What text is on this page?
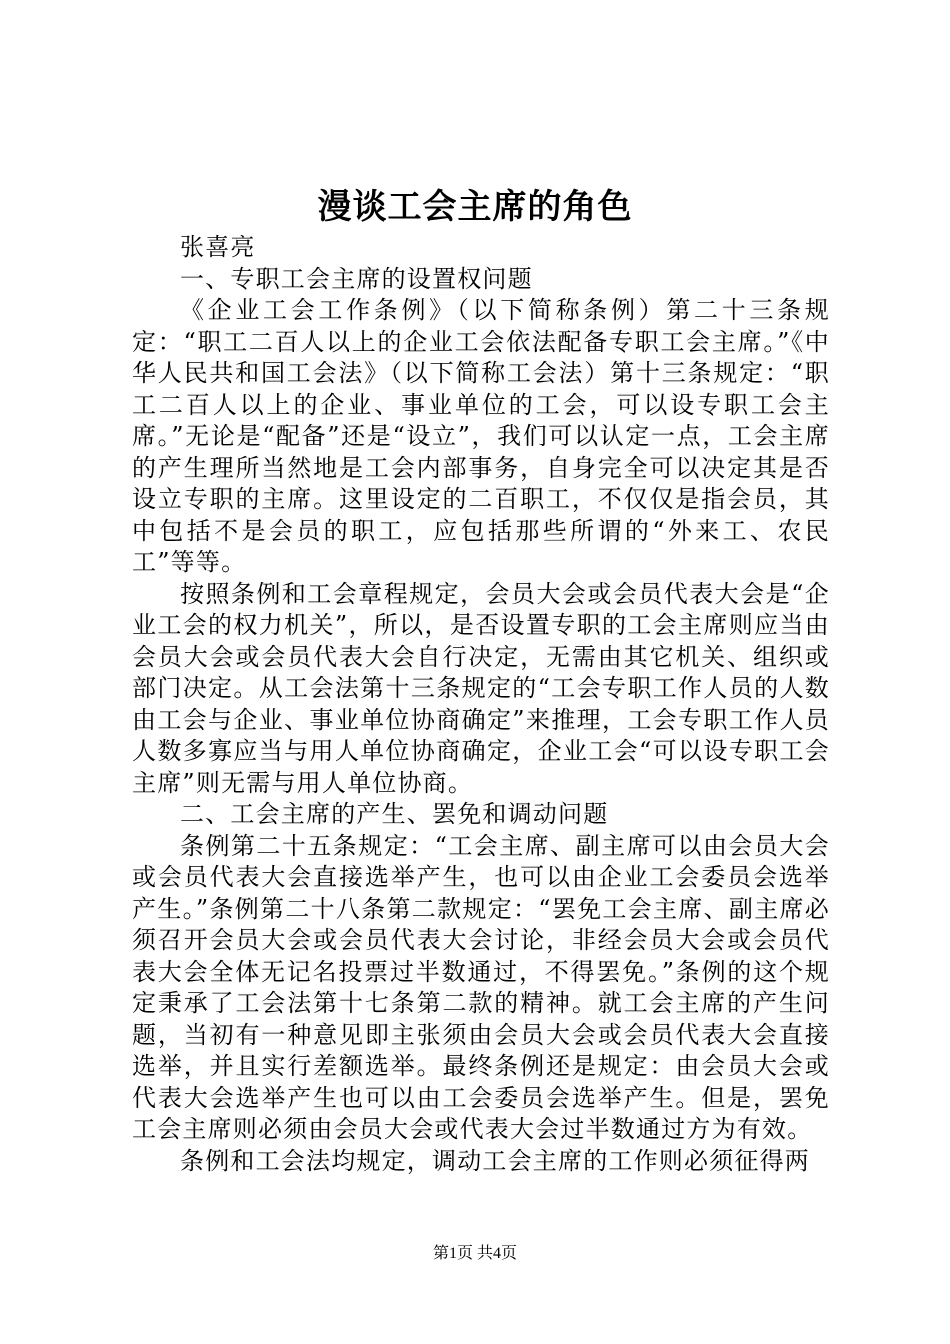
漫谈工会主席的角色

张喜亮

一、专职工会主席的设置权问题

《企业工会工作条例》（以下简称条例）第二十三条规定：“职工二百人以上的企业工会依法配备专职工会主席。”《中华人民共和国工会法》（以下简称工会法）第十三条规定：“职工二百人以上的企业、事业单位的工会，可以设专职工会主席。”无论是“配备”还是“设立”，我们可以认定一点，工会主席的产生理所当然地是工会内部事务，自身完全可以决定其是否设立专职的主席。这里设定的二百职工，不仅仅是指会员，其中包括不是会员的职工，应包括那些所谓的“外来工、农民工”等等。

按照条例和工会章程规定，会员大会或会员代表大会是“企业工会的权力机关”，所以，是否设置专职的工会主席则应当由会员大会或会员代表大会自行决定，无需由其它机关、组织或部门决定。从工会法第十三条规定的“工会专职工作人员的人数由工会与企业、事业单位协商确定”来推理，工会专职工作人员人数多寡应当与用人单位协商确定，企业工会“可以设专职工会主席”则无需与用人单位协商。

二、工会主席的产生、罢免和调动问题

条例第二十五条规定：“工会主席、副主席可以由会员大会或会员代表大会直接选举产生，也可以由企业工会委员会选举产生。”条例第二十八条第二款规定：“罢免工会主席、副主席必须召开会员大会或会员代表大会讨论，非经会员大会或会员代表大会全体无记名投票过半数通过，不得罢免。”条例的这个规定秉承了工会法第十七条第二款的精神。就工会主席的产生问题，当初有一种意见即主张须由会员大会或会员代表大会直接选举，并且实行差额选举。最终条例还是规定：由会员大会或代表大会选举产生也可以由工会委员会选举产生。但是，罢免工会主席则必须由会员大会或代表大会过半数通过方为有效。

条例和工会法均规定，调动工会主席的工作则必须征得两

第1页 共4页
